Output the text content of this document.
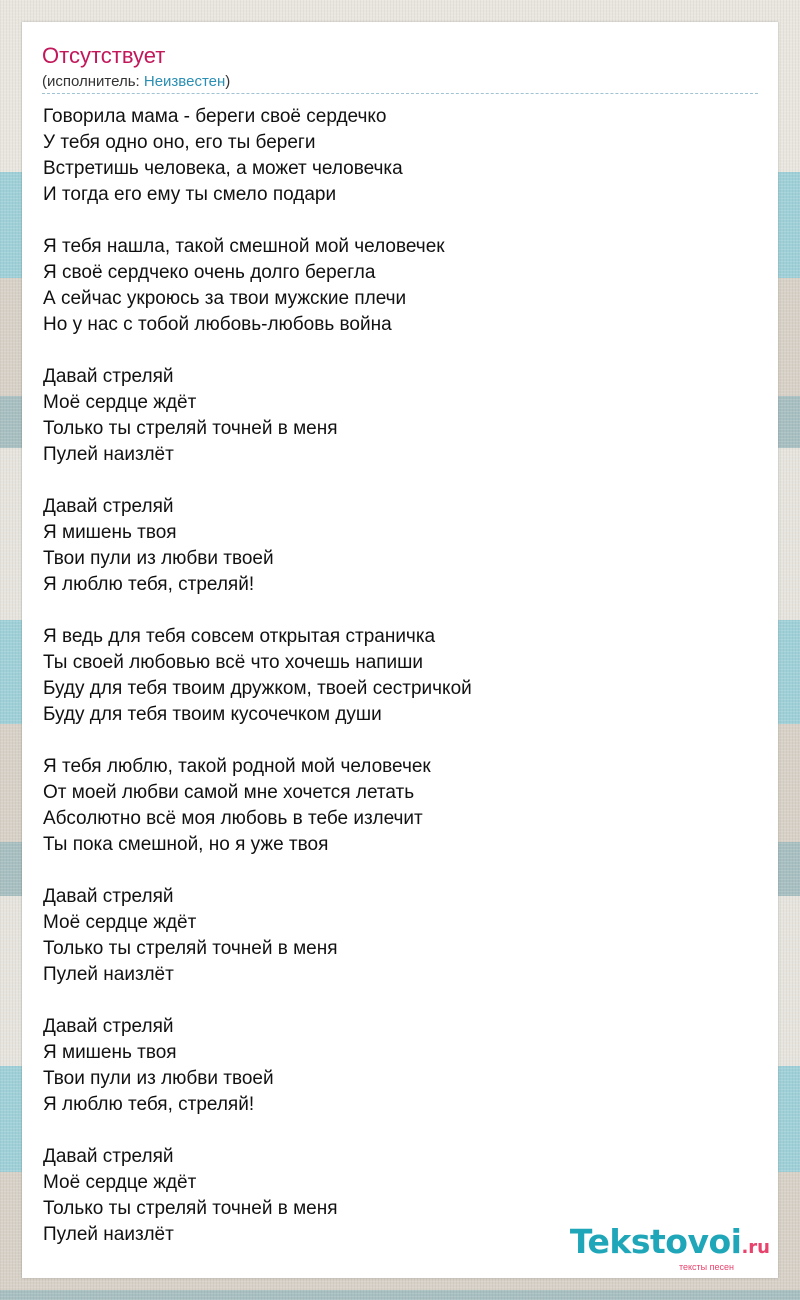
Отсутствует
(исполнитель: Неизвестен)
Говорила мама - береги своё сердечко
У тебя одно оно, его ты береги
Встретишь человека, а может человечка
И тогда его ему ты смело подари
Я тебя нашла, такой смешной мой человечек
Я своё сердчеко очень долго берегла
А сейчас укроюсь за твои мужские плечи
Но у нас с тобой любовь-любовь война
Давай стреляй
Моё сердце ждёт
Только ты стреляй точней в меня
Пулей наизлёт
Давай стреляй
Я мишень твоя
Твои пули из любви твоей
Я люблю тебя, стреляй!
Я ведь для тебя совсем открытая страничка
Ты своей любовью всё что хочешь напиши
Буду для тебя твоим дружком, твоей сестричкой
Буду для тебя твоим кусочечком души
Я тебя люблю, такой родной мой человечек
От моей любви самой мне хочется летать
Абсолютно всё моя любовь в тебе излечит
Ты пока смешной, но я уже твоя
Давай стреляй
Моё сердце ждёт
Только ты стреляй точней в меня
Пулей наизлёт
Давай стреляй
Я мишень твоя
Твои пули из любви твоей
Я люблю тебя, стреляй!
Давай стреляй
Моё сердце ждёт
Только ты стреляй точней в меня
Пулей наизлёт	Tekstovoi.ru
тексты песен
